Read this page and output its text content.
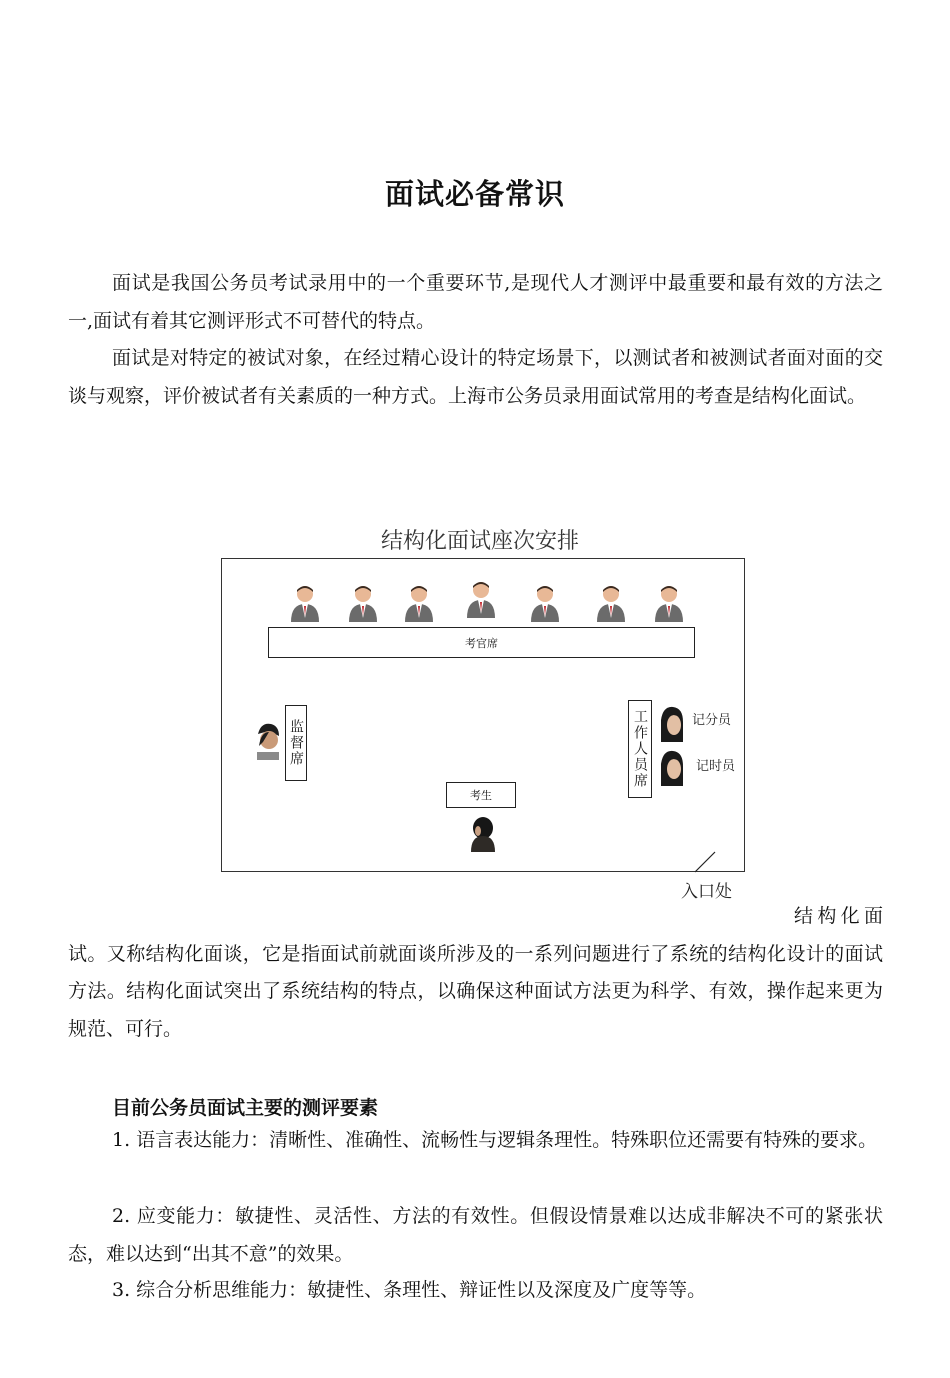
面试必备常识

面试是我国公务员考试录用中的一个重要环节,是现代人才测评中最重要和最有效的方法之一,面试有着其它测评形式不可替代的特点。

面试是对特定的被试对象，在经过精心设计的特定场景下，以测试者和被测试者面对面的交谈与观察，评价被试者有关素质的一种方式。上海市公务员录用面试常用的考查是结构化面试。

结构化面试座次安排
考官席
监督席	工作人员席	记分员
记时员
考生
入口处

结构化面试。又称结构化面谈，它是指面试前就面谈所涉及的一系列问题进行了系统的结构化设计的面试方法。结构化面试突出了系统结构的特点，以确保这种面试方法更为科学、有效，操作起来更为规范、可行。

目前公务员面试主要的测评要素

1. 语言表达能力：清晰性、准确性、流畅性与逻辑条理性。特殊职位还需要有特殊的要求。

2. 应变能力：敏捷性、灵活性、方法的有效性。但假设情景难以达成非解决不可的紧张状态，难以达到“出其不意”的效果。

3. 综合分析思维能力：敏捷性、条理性、辩证性以及深度及广度等等。
